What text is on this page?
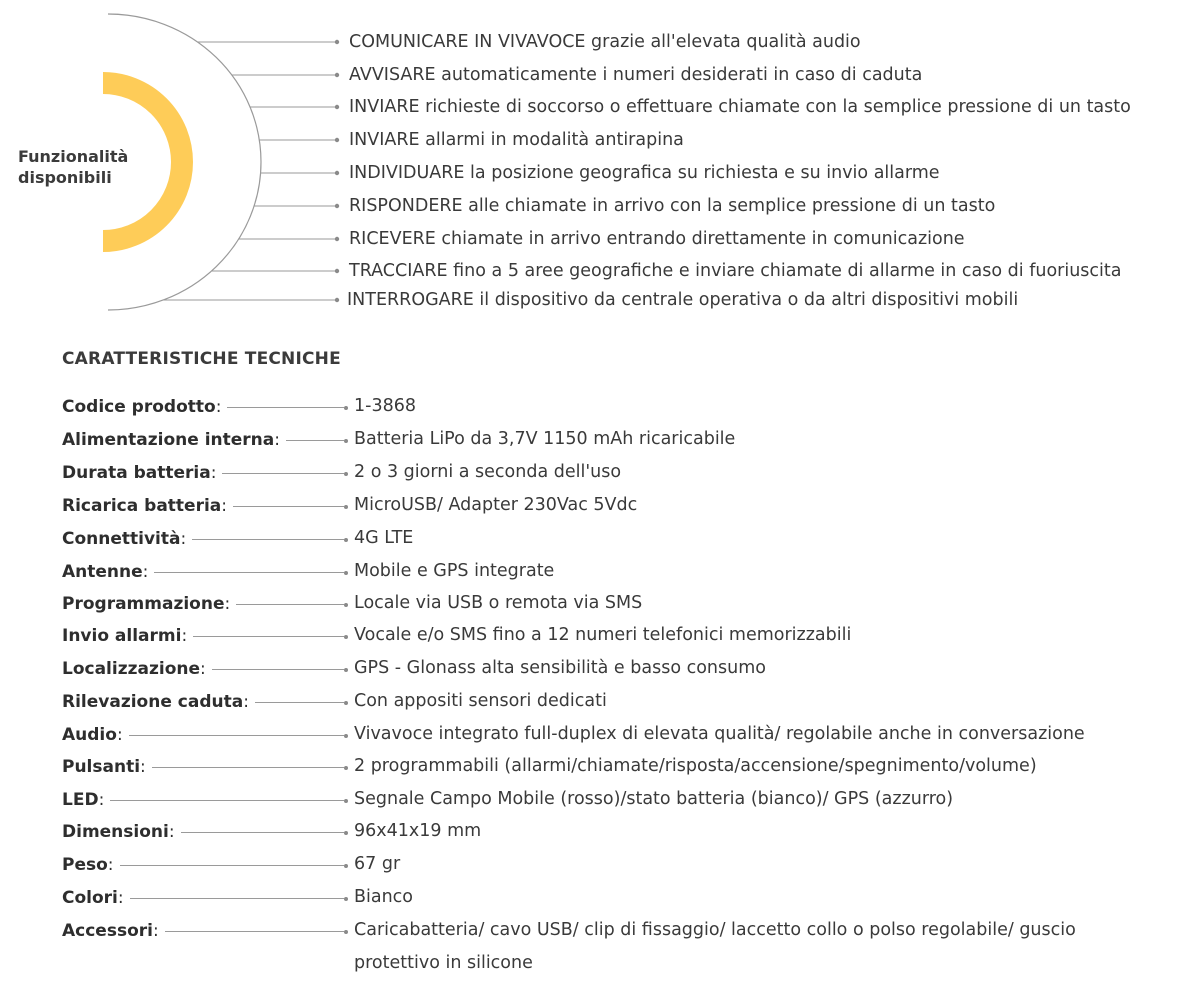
Funzionalità
disponibili
COMUNICARE IN VIVAVOCE grazie all'elevata qualità audio
AVVISARE automaticamente i numeri desiderati in caso di caduta
INVIARE richieste di soccorso o effettuare chiamate con la semplice pressione di un tasto
INVIARE allarmi in modalità antirapina
INDIVIDUARE la posizione geografica su richiesta e su invio allarme
RISPONDERE alle chiamate in arrivo con la semplice pressione di un tasto
RICEVERE chiamate in arrivo entrando direttamente in comunicazione
TRACCIARE fino a 5 aree geografiche e inviare chiamate di allarme in caso di fuoriuscita
INTERROGARE il dispositivo da centrale operativa o da altri dispositivi mobili
CARATTERISTICHE TECNICHE
Codice prodotto:	1-3868
Alimentazione interna:	Batteria LiPo da 3,7V 1150 mAh ricaricabile
Durata batteria:	2 o 3 giorni a seconda dell'uso
Ricarica batteria:	MicroUSB/ Adapter 230Vac 5Vdc
Connettività:	4G LTE
Antenne:	Mobile e GPS integrate
Programmazione:	Locale via USB o remota via SMS
Invio allarmi:	Vocale e/o SMS fino a 12 numeri telefonici memorizzabili
Localizzazione:	GPS - Glonass alta sensibilità e basso consumo
Rilevazione caduta:	Con appositi sensori dedicati
Audio:	Vivavoce integrato full-duplex di elevata qualità/ regolabile anche in conversazione
Pulsanti:	2 programmabili (allarmi/chiamate/risposta/accensione/spegnimento/volume)
LED:	Segnale Campo Mobile (rosso)/stato batteria (bianco)/ GPS (azzurro)
Dimensioni:	96x41x19 mm
Peso:	67 gr
Colori:	Bianco
Accessori:	Caricabatteria/ cavo USB/ clip di fissaggio/ laccetto collo o polso regolabile/ guscio protettivo in silicone
